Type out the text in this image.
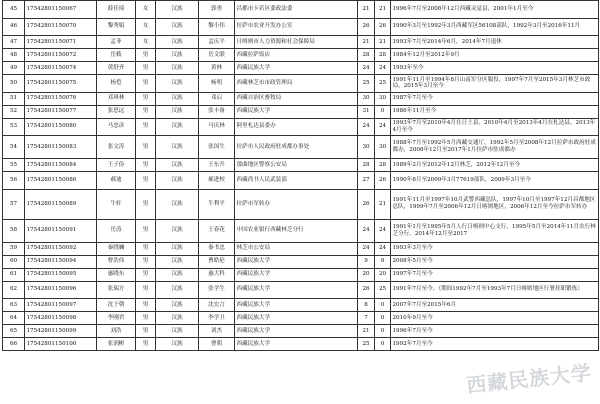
45	17542801150067	薛佳琦	女	汉族	郭勇	昌都市卡若区委政法委	21	21	1996年7月至2008年12月西藏灵觉县，2001年1月至今
46	17542801150070	黎秀娟	女	汉族	黎小伟	拉萨市农业开发办公室	26	26	1990年3月至1992年3月西藏军区56108部队，1992年3月至2016年11月
47	17542801150071	孟菲	女	汉族	孟庆平	日喀则市人力资源和社会保障局	21	21	1993年7月至2014年6月，2014年7月退休
48	17542801150072	岳筱	男	汉族	岳文联	西藏拉萨饭店	28	28	1984年12月至2012年9月
49	17542801150074	黄舒齐	男	汉族	黄林	西藏民族大学	24	24	1993年至今
50	17542801150075	杨恺	男	汉族	杨明	西藏林芝市市政管理局	25	25	1991年11月至1994年8月山南军分区服役，1997年7月至2015年3月林芝市政局，2015年3月至今
51	17542801150076	邓琪林	男	汉族	邓启	西藏自治区畜牧局	30	30	1987年7月至今
52	17542801150077	张思远	男	汉族	张丰备	西藏民族大学	31	0	1986年11月至今
53	17542801150080	马忠彦	男	汉族	马庆林	阿里札达县委办	24	24	1993年7月至2010年4月在日土县，2010年4月至2013年4月在札达县，2013年4月至今
54	17542801150083	张文涛	男	汉族	张国生	拉萨市人民政府驻成都办事处	30	30	1988年7月至1992年5月西藏交通厅，1992年5月至2008年12月拉萨市政府驻成都办，2008年12月至2017年1月拉萨市驻成都办
55	17542801150084	王子俭	男	汉族	王东升	那曲地区警察公安局	28	28	1989年2月至2012年12月林芝，2012年12月至今
56	17542801150086	郝迪	男	汉族	郝进校	西藏尚书人民武装部	27	26	1990年8月至2009年3月77619部队，2009年3月至今
57	17542801150089	牛轩	男	汉族	牛利平	拉萨市军转办	26	21	1991年11月至1997年10月武警西藏总队，1997年10月至1997年12月昌都地区总队，1999年7月至2006年12月日喀则地区，2006年12月至今拉萨市军转办
58	17542801150091	岳涛	男	汉族	王春花	中国农业银行西藏林芝分行	24	24	1991年1月至1995年5月人行日喀则中心支行，1995年5月至2014年11月农行林芝分行，2014年12月至2017
59	17542801150092	秦晓斓	男	汉族	秦书忠	林芝市公安局	24	24	1993年3月至今
60	17542801150094	曹浩伟	男	汉族	曹皓伦	西藏民族大学	9	9	2008年5月至今
61	17542801150095	惠晓东	男	汉族	惠大科	西藏民族大学	20	20	1997年7月至今
62	17542801150096	张瑞方	男	汉族	张学生	西藏民族大学	26	25	1991年7月至今。（期间1992年7月至1993年7月日喀则地区行署挂职锻炼）
63	17542801150097	沈于朝	男	汉族	沈宏言	西藏民族大学	8	0	2007年7月至2015年6月
64	17542801150098	李刚君	男	汉族	李学卫	西藏民族大学	7	0	2010年9月至今
65	17542801150099	刘浩	男	汉族	刘杰	西藏民族大学	21	0	1996年7月至今
66	17542801150100	张润彬	男	汉族	曹朝	西藏民族大学	25	0	1992年7月至今
西藏民族大学
